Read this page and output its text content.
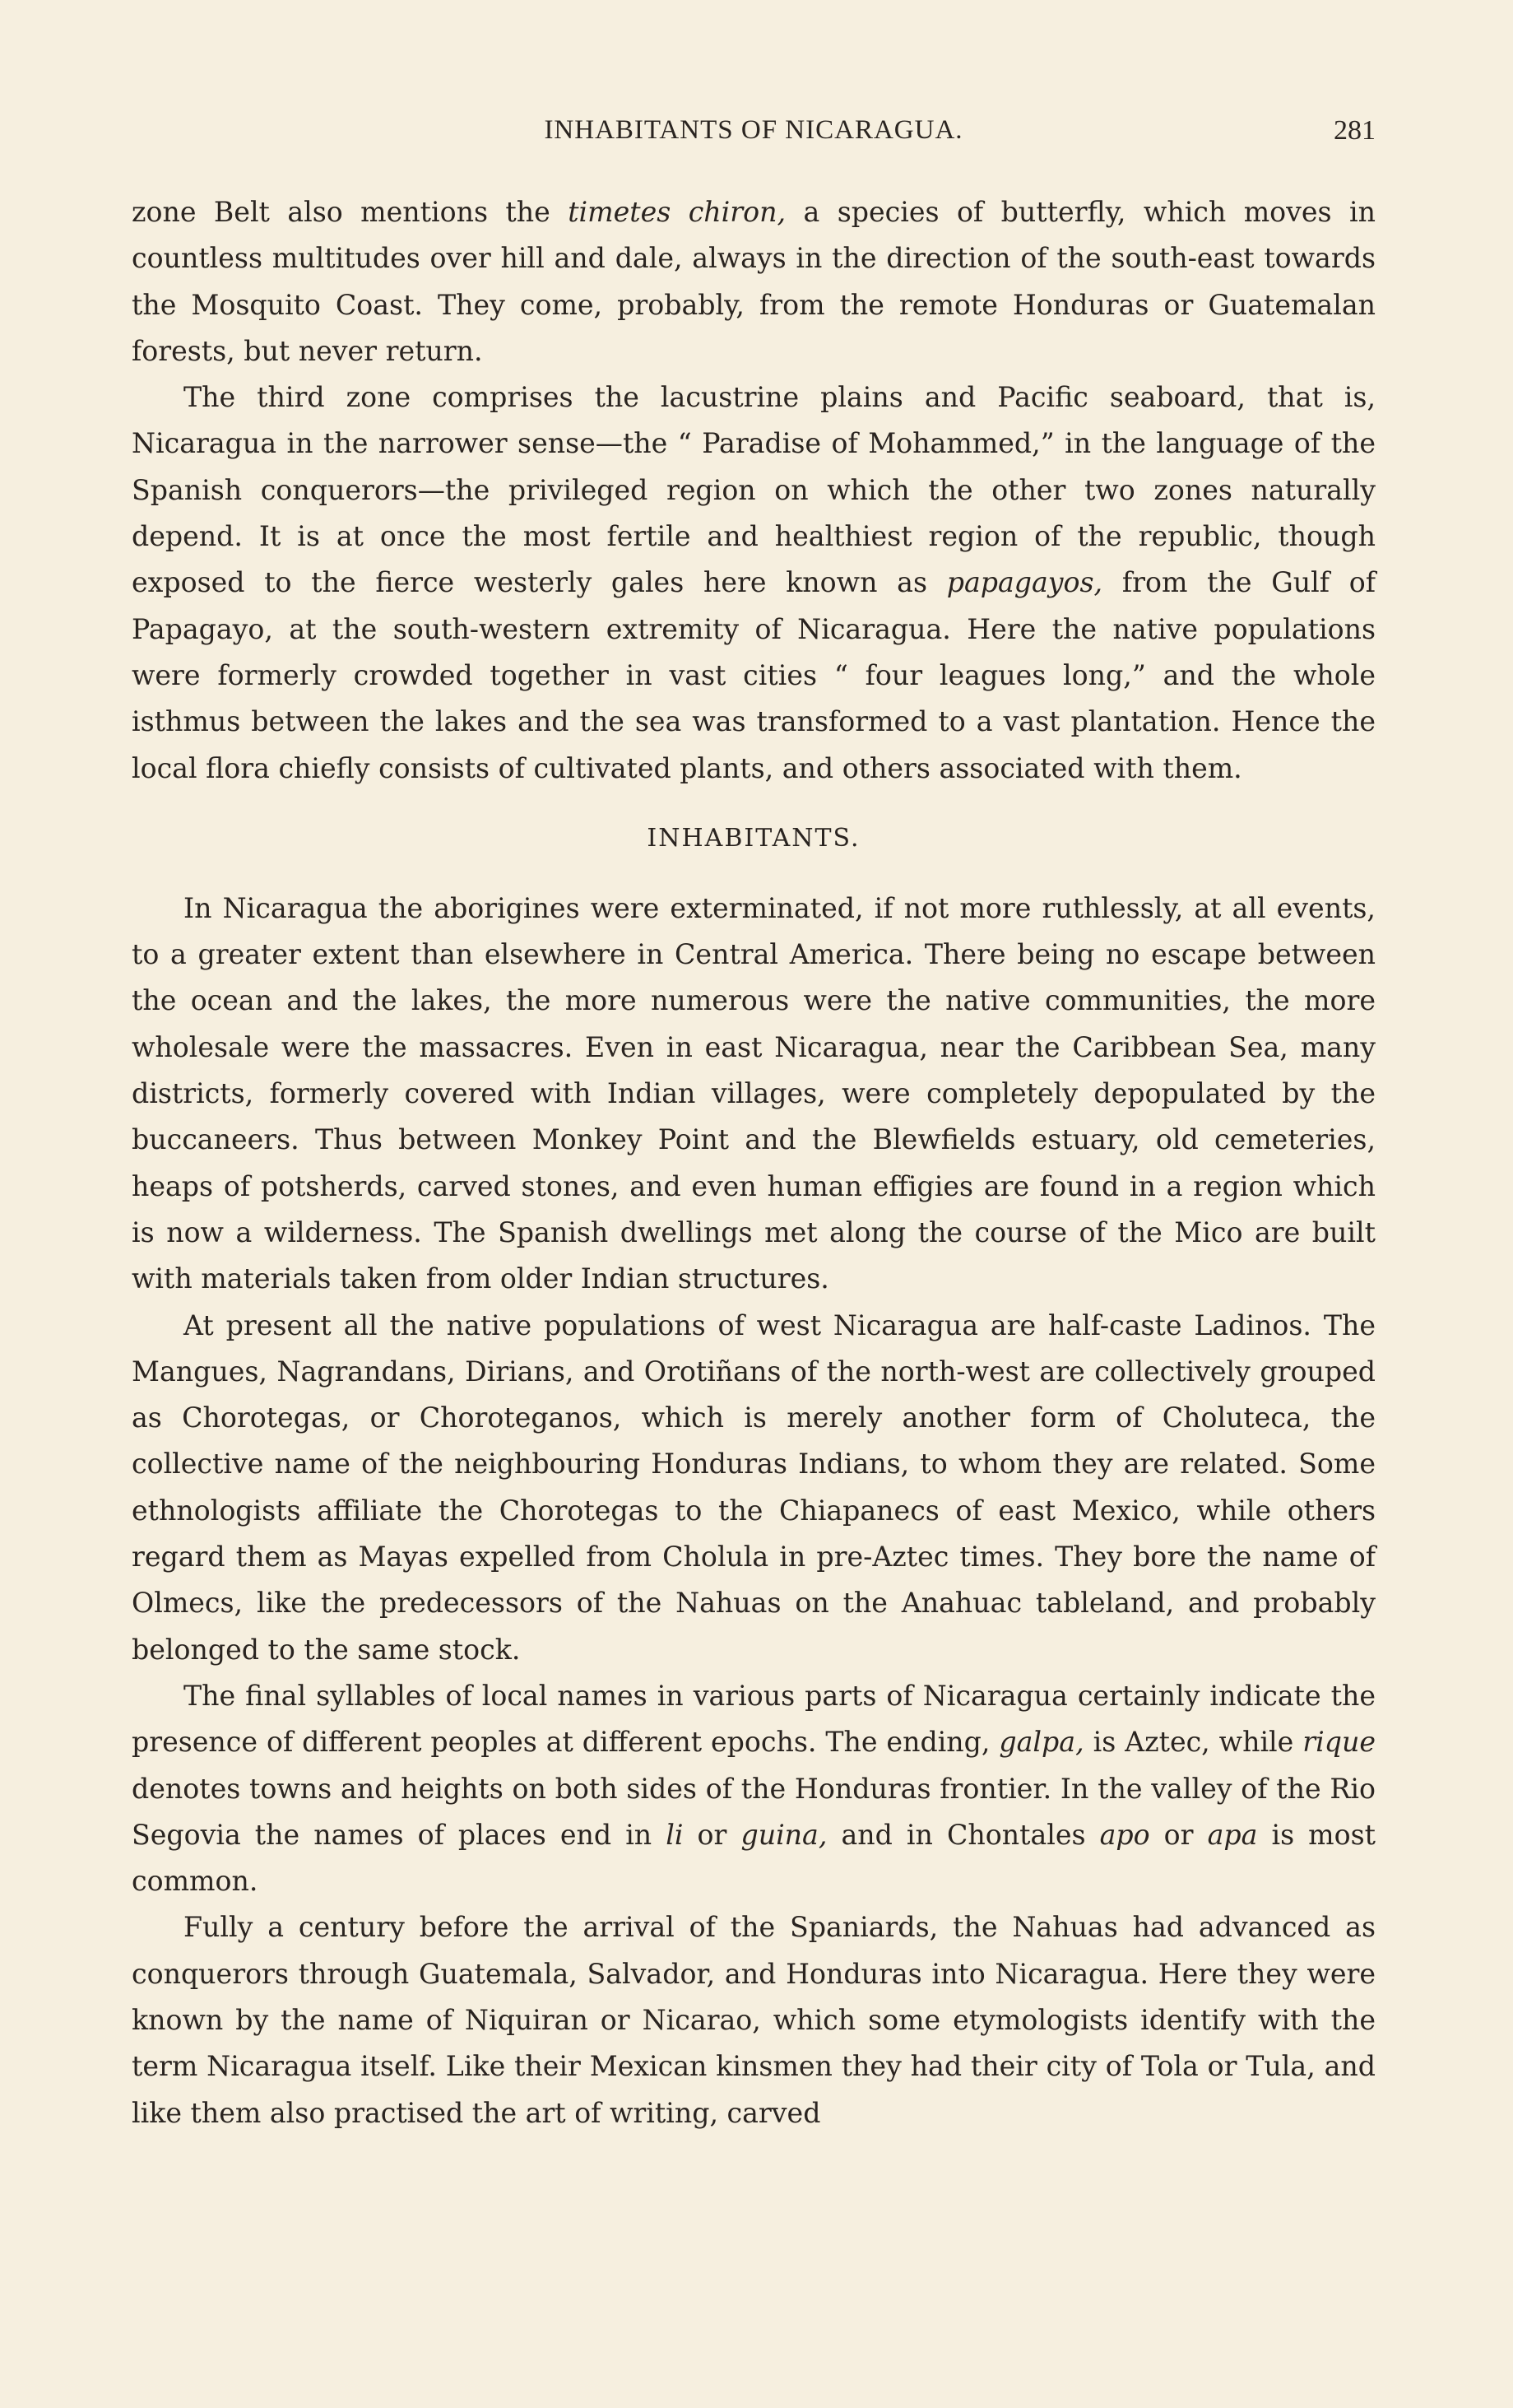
INHABITANTS OF NICARAGUA.	281

zone Belt also mentions the timetes chiron, a species of butterfly, which moves in countless multitudes over hill and dale, always in the direction of the south-east towards the Mosquito Coast. They come, probably, from the remote Honduras or Guatemalan forests, but never return.

The third zone comprises the lacustrine plains and Pacific seaboard, that is, Nicaragua in the narrower sense—the “ Paradise of Mohammed,” in the language of the Spanish conquerors—the privileged region on which the other two zones naturally depend. It is at once the most fertile and healthiest region of the republic, though exposed to the fierce westerly gales here known as papagayos, from the Gulf of Papagayo, at the south-western extremity of Nicaragua. Here the native populations were formerly crowded together in vast cities “ four leagues long,” and the whole isthmus between the lakes and the sea was transformed to a vast plantation. Hence the local flora chiefly consists of cultivated plants, and others associated with them.

INHABITANTS.

In Nicaragua the aborigines were exterminated, if not more ruthlessly, at all events, to a greater extent than elsewhere in Central America. There being no escape between the ocean and the lakes, the more numerous were the native communities, the more wholesale were the massacres. Even in east Nicaragua, near the Caribbean Sea, many districts, formerly covered with Indian villages, were completely depopulated by the buccaneers. Thus between Monkey Point and the Blewfields estuary, old cemeteries, heaps of potsherds, carved stones, and even human effigies are found in a region which is now a wilderness. The Spanish dwellings met along the course of the Mico are built with materials taken from older Indian structures.

At present all the native populations of west Nicaragua are half-caste Ladinos. The Mangues, Nagrandans, Dirians, and Orotiñans of the north-west are collectively grouped as Chorotegas, or Choroteganos, which is merely another form of Choluteca, the collective name of the neighbouring Honduras Indians, to whom they are related. Some ethnologists affiliate the Chorotegas to the Chiapanecs of east Mexico, while others regard them as Mayas expelled from Cholula in pre-Aztec times. They bore the name of Olmecs, like the predecessors of the Nahuas on the Anahuac tableland, and probably belonged to the same stock.

The final syllables of local names in various parts of Nicaragua certainly indicate the presence of different peoples at different epochs. The ending, galpa, is Aztec, while rique denotes towns and heights on both sides of the Honduras frontier. In the valley of the Rio Segovia the names of places end in li or guina, and in Chontales apo or apa is most common.

Fully a century before the arrival of the Spaniards, the Nahuas had advanced as conquerors through Guatemala, Salvador, and Honduras into Nicaragua. Here they were known by the name of Niquiran or Nicarao, which some etymologists identify with the term Nicaragua itself. Like their Mexican kinsmen they had their city of Tola or Tula, and like them also practised the art of writing, carved
